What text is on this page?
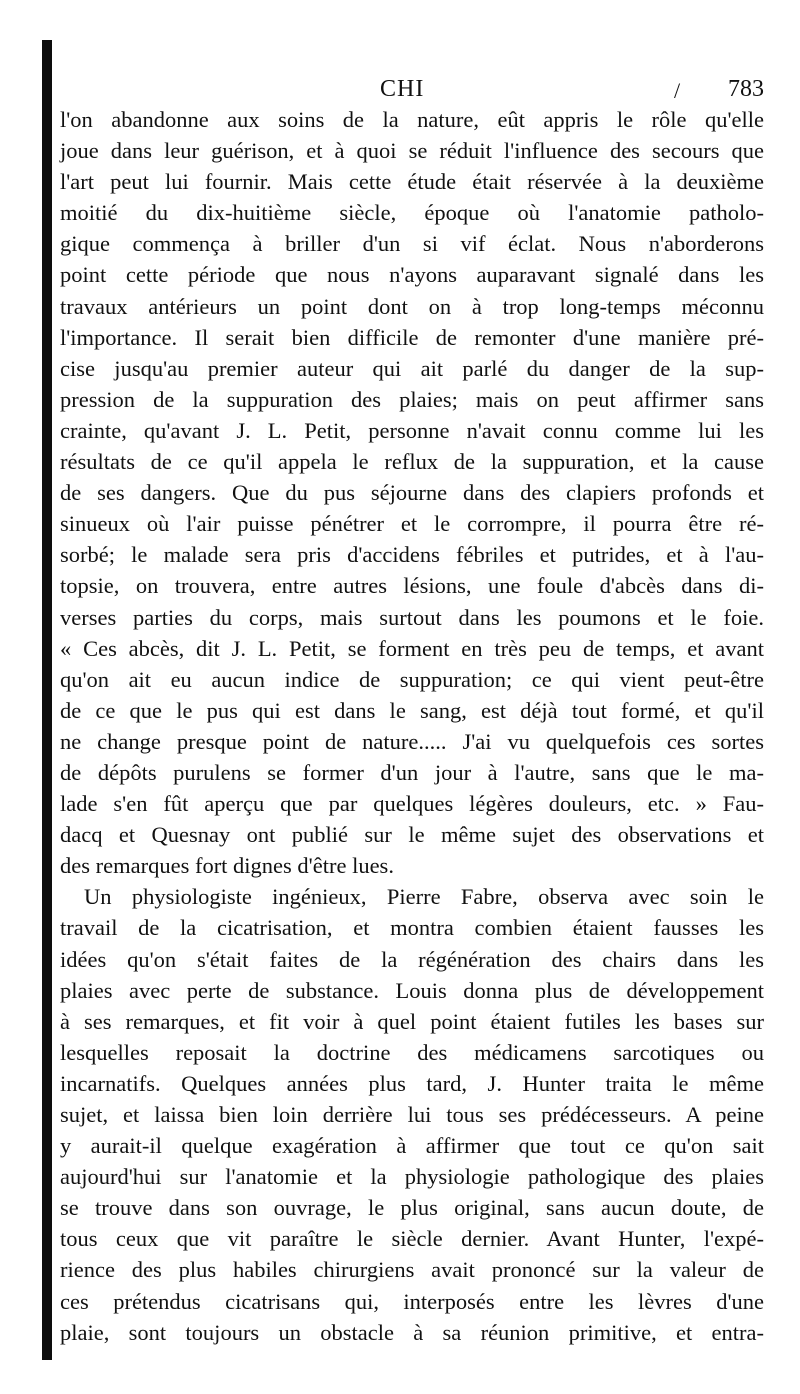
CHI	/ 783
l'on abandonne aux soins de la nature, eût appris le rôle qu'elle
joue dans leur guérison, et à quoi se réduit l'influence des secours que
l'art peut lui fournir. Mais cette étude était réservée à la deuxième
moitié du dix-huitième siècle, époque où l'anatomie patholo-
gique commença à briller d'un si vif éclat. Nous n'aborderons
point cette période que nous n'ayons auparavant signalé dans les
travaux antérieurs un point dont on à trop long-temps méconnu
l'importance. Il serait bien difficile de remonter d'une manière pré-
cise jusqu'au premier auteur qui ait parlé du danger de la sup-
pression de la suppuration des plaies; mais on peut affirmer sans
crainte, qu'avant J. L. Petit, personne n'avait connu comme lui les
résultats de ce qu'il appela le reflux de la suppuration, et la cause
de ses dangers. Que du pus séjourne dans des clapiers profonds et
sinueux où l'air puisse pénétrer et le corrompre, il pourra être ré-
sorbé; le malade sera pris d'accidens fébriles et putrides, et à l'au-
topsie, on trouvera, entre autres lésions, une foule d'abcès dans di-
verses parties du corps, mais surtout dans les poumons et le foie.
« Ces abcès, dit J. L. Petit, se forment en très peu de temps, et avant
qu'on ait eu aucun indice de suppuration; ce qui vient peut-être
de ce que le pus qui est dans le sang, est déjà tout formé, et qu'il
ne change presque point de nature..... J'ai vu quelquefois ces sortes
de dépôts purulens se former d'un jour à l'autre, sans que le ma-
lade s'en fût aperçu que par quelques légères douleurs, etc. » Fau-
dacq et Quesnay ont publié sur le même sujet des observations et
des remarques fort dignes d'être lues.
Un physiologiste ingénieux, Pierre Fabre, observa avec soin le
travail de la cicatrisation, et montra combien étaient fausses les
idées qu'on s'était faites de la régénération des chairs dans les
plaies avec perte de substance. Louis donna plus de développement
à ses remarques, et fit voir à quel point étaient futiles les bases sur
lesquelles reposait la doctrine des médicamens sarcotiques ou
incarnatifs. Quelques années plus tard, J. Hunter traita le même
sujet, et laissa bien loin derrière lui tous ses prédécesseurs. A peine
y aurait-il quelque exagération à affirmer que tout ce qu'on sait
aujourd'hui sur l'anatomie et la physiologie pathologique des plaies
se trouve dans son ouvrage, le plus original, sans aucun doute, de
tous ceux que vit paraître le siècle dernier. Avant Hunter, l'expé-
rience des plus habiles chirurgiens avait prononcé sur la valeur de
ces prétendus cicatrisans qui, interposés entre les lèvres d'une
plaie, sont toujours un obstacle à sa réunion primitive, et entra-
